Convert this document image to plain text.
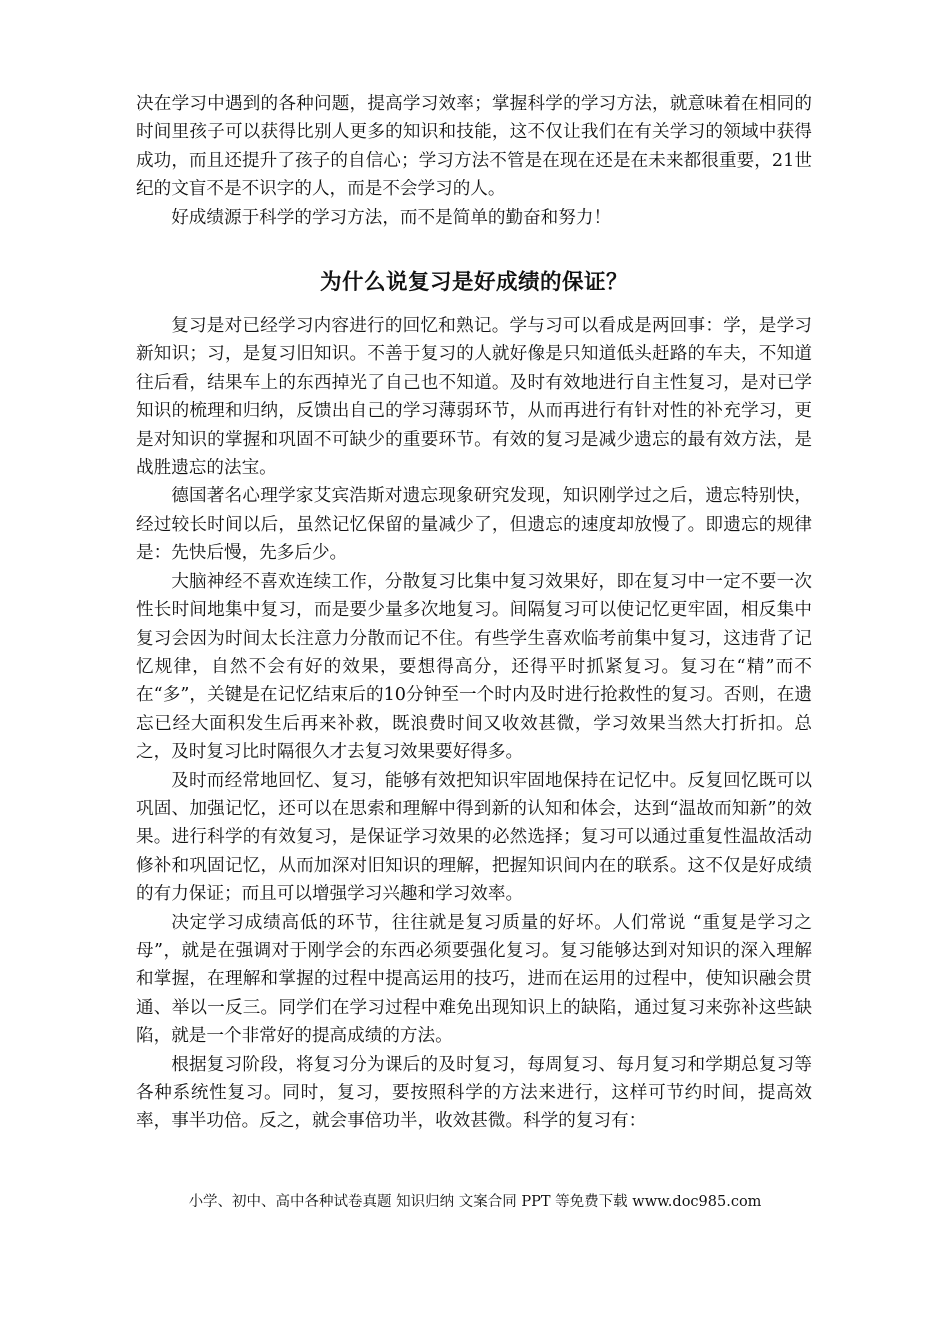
决在学习中遇到的各种问题，提高学习效率；掌握科学的学习方法，就意味着在相同的时间里孩子可以获得比别人更多的知识和技能，这不仅让我们在有关学习的领域中获得成功，而且还提升了孩子的自信心；学习方法不管是在现在还是在未来都很重要，21世纪的文盲不是不识字的人，而是不会学习的人。

好成绩源于科学的学习方法，而不是简单的勤奋和努力！

为什么说复习是好成绩的保证？

复习是对已经学习内容进行的回忆和熟记。学与习可以看成是两回事：学，是学习新知识；习，是复习旧知识。不善于复习的人就好像是只知道低头赶路的车夫，不知道往后看，结果车上的东西掉光了自己也不知道。及时有效地进行自主性复习，是对已学知识的梳理和归纳，反馈出自己的学习薄弱环节，从而再进行有针对性的补充学习，更是对知识的掌握和巩固不可缺少的重要环节。有效的复习是减少遗忘的最有效方法，是战胜遗忘的法宝。

德国著名心理学家艾宾浩斯对遗忘现象研究发现，知识刚学过之后，遗忘特别快，经过较长时间以后，虽然记忆保留的量减少了，但遗忘的速度却放慢了。即遗忘的规律是：先快后慢，先多后少。

大脑神经不喜欢连续工作，分散复习比集中复习效果好，即在复习中一定不要一次性长时间地集中复习，而是要少量多次地复习。间隔复习可以使记忆更牢固，相反集中复习会因为时间太长注意力分散而记不住。有些学生喜欢临考前集中复习，这违背了记忆规律，自然不会有好的效果，要想得高分，还得平时抓紧复习。复习在“精”而不在“多”，关键是在记忆结束后的10分钟至一个时内及时进行抢救性的复习。否则，在遗忘已经大面积发生后再来补救，既浪费时间又收效甚微，学习效果当然大打折扣。总之，及时复习比时隔很久才去复习效果要好得多。

及时而经常地回忆、复习，能够有效把知识牢固地保持在记忆中。反复回忆既可以巩固、加强记忆，还可以在思索和理解中得到新的认知和体会，达到“温故而知新”的效果。进行科学的有效复习，是保证学习效果的必然选择；复习可以通过重复性温故活动修补和巩固记忆，从而加深对旧知识的理解，把握知识间内在的联系。这不仅是好成绩的有力保证；而且可以增强学习兴趣和学习效率。

决定学习成绩高低的环节，往往就是复习质量的好坏。人们常说 “重复是学习之母”，就是在强调对于刚学会的东西必须要强化复习。复习能够达到对知识的深入理解和掌握，在理解和掌握的过程中提高运用的技巧，进而在运用的过程中，使知识融会贯通、举以一反三。同学们在学习过程中难免出现知识上的缺陷，通过复习来弥补这些缺陷，就是一个非常好的提高成绩的方法。

根据复习阶段，将复习分为课后的及时复习，每周复习、每月复习和学期总复习等各种系统性复习。同时，复习，要按照科学的方法来进行，这样可节约时间，提高效率，事半功倍。反之，就会事倍功半，收效甚微。科学的复习有：

小学、初中、高中各种试卷真题 知识归纳 文案合同 PPT 等免费下载 www.doc985.com
